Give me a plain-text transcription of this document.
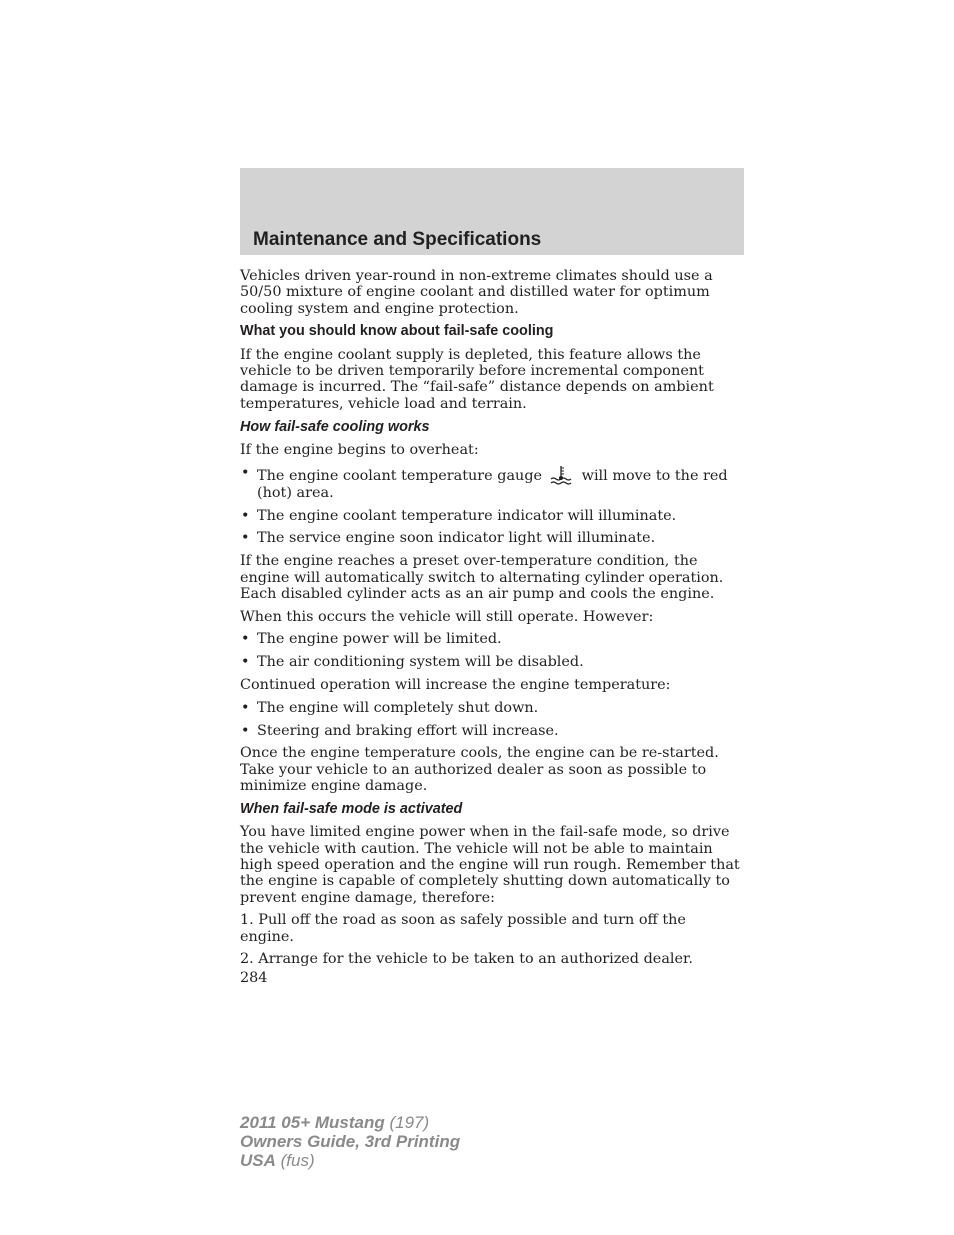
Maintenance and Specifications

Vehicles driven year-round in non-extreme climates should use a 50/50 mixture of engine coolant and distilled water for optimum cooling system and engine protection.

What you should know about fail-safe cooling

If the engine coolant supply is depleted, this feature allows the vehicle to be driven temporarily before incremental component damage is incurred. The “fail-safe” distance depends on ambient temperatures, vehicle load and terrain.

How fail-safe cooling works

If the engine begins to overheat:

• The engine coolant temperature gauge	will move to the red (hot) area.
• The engine coolant temperature indicator will illuminate.
• The service engine soon indicator light will illuminate.

If the engine reaches a preset over-temperature condition, the engine will automatically switch to alternating cylinder operation. Each disabled cylinder acts as an air pump and cools the engine.

When this occurs the vehicle will still operate. However:

• The engine power will be limited.
• The air conditioning system will be disabled.

Continued operation will increase the engine temperature:

• The engine will completely shut down.
• Steering and braking effort will increase.

Once the engine temperature cools, the engine can be re-started. Take your vehicle to an authorized dealer as soon as possible to minimize engine damage.

When fail-safe mode is activated

You have limited engine power when in the fail-safe mode, so drive the vehicle with caution. The vehicle will not be able to maintain high speed operation and the engine will run rough. Remember that the engine is capable of completely shutting down automatically to prevent engine damage, therefore:

1. Pull off the road as soon as safely possible and turn off the engine.

2. Arrange for the vehicle to be taken to an authorized dealer.

284

2011 05+ Mustang (197)
Owners Guide, 3rd Printing
USA (fus)
